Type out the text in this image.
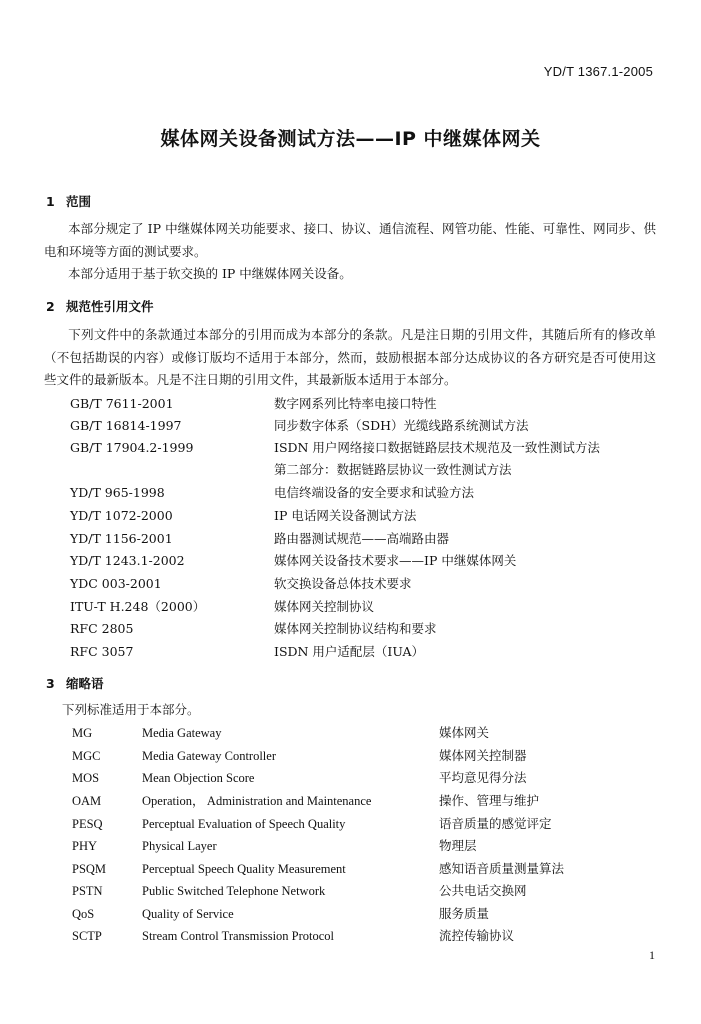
YD/T 1367.1-2005
媒体网关设备测试方法——IP 中继媒体网关
1 范围
本部分规定了 IP 中继媒体网关功能要求、接口、协议、通信流程、网管功能、性能、可靠性、网同步、供电和环境等方面的测试要求。
本部分适用于基于软交换的 IP 中继媒体网关设备。
2 规范性引用文件
下列文件中的条款通过本部分的引用而成为本部分的条款。凡是注日期的引用文件，其随后所有的修改单（不包括勘误的内容）或修订版均不适用于本部分，然而，鼓励根据本部分达成协议的各方研究是否可使用这些文件的最新版本。凡是不注日期的引用文件，其最新版本适用于本部分。
GB/T 7611-2001	数字网系列比特率电接口特性
GB/T 16814-1997	同步数字体系（SDH）光缆线路系统测试方法
GB/T 17904.2-1999	ISDN 用户网络接口数据链路层技术规范及一致性测试方法
第二部分：数据链路层协议一致性测试方法
YD/T 965-1998	电信终端设备的安全要求和试验方法
YD/T 1072-2000	IP 电话网关设备测试方法
YD/T 1156-2001	路由器测试规范——高端路由器
YD/T 1243.1-2002	媒体网关设备技术要求——IP 中继媒体网关
YDC 003-2001	软交换设备总体技术要求
ITU-T H.248（2000）	媒体网关控制协议
RFC 2805	媒体网关控制协议结构和要求
RFC 3057	ISDN 用户适配层（IUA）
3 缩略语
下列标准适用于本部分。
MG	Media Gateway	媒体网关
MGC	Media Gateway Controller	媒体网关控制器
MOS	Mean Objection Score	平均意见得分法
OAM	Operation， Administration and Maintenance	操作、管理与维护
PESQ	Perceptual Evaluation of Speech Quality	语音质量的感觉评定
PHY	Physical Layer	物理层
PSQM	Perceptual Speech Quality Measurement	感知语音质量测量算法
PSTN	Public Switched Telephone Network	公共电话交换网
QoS	Quality of Service	服务质量
SCTP	Stream Control Transmission Protocol	流控传输协议
1
